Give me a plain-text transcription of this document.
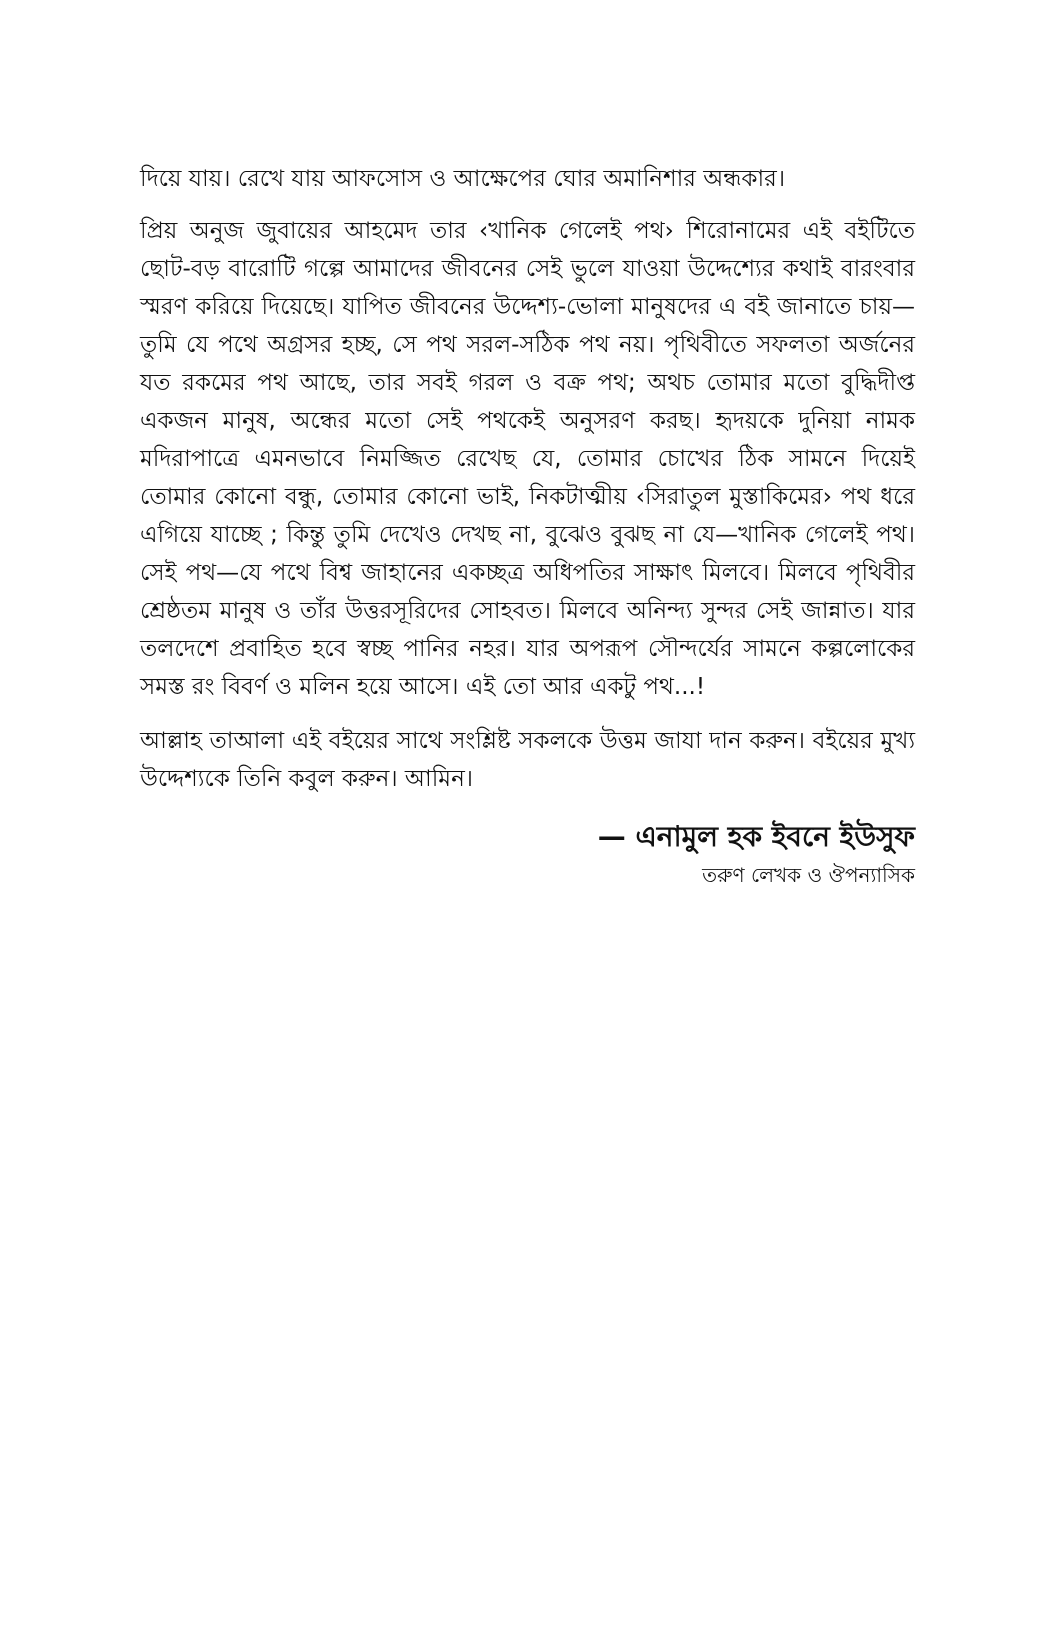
দিয়ে যায়। রেখে যায় আফসোস ও আক্ষেপের ঘোর অমানিশার অন্ধকার।

প্রিয় অনুজ জুবায়ের আহমেদ তার ‹খানিক গেলেই পথ› শিরোনামের এই বইটিতে ছোট-বড় বারোটি গল্পে আমাদের জীবনের সেই ভুলে যাওয়া উদ্দেশ্যের কথাই বারংবার স্মরণ করিয়ে দিয়েছে। যাপিত জীবনের উদ্দেশ্য-ভোলা মানুষদের এ বই জানাতে চায়—তুমি যে পথে অগ্রসর হচ্ছ, সে পথ সরল-সঠিক পথ নয়। পৃথিবীতে সফলতা অর্জনের যত রকমের পথ আছে, তার সবই গরল ও বক্র পথ; অথচ তোমার মতো বুদ্ধিদীপ্ত একজন মানুষ, অন্ধের মতো সেই পথকেই অনুসরণ করছ। হৃদয়কে দুনিয়া নামক মদিরাপাত্রে এমনভাবে নিমজ্জিত রেখেছ যে, তোমার চোখের ঠিক সামনে দিয়েই তোমার কোনো বন্ধু, তোমার কোনো ভাই, নিকটাত্মীয় ‹সিরাতুল মুস্তাকিমের› পথ ধরে এগিয়ে যাচ্ছে ; কিন্তু তুমি দেখেও দেখছ না, বুঝেও বুঝছ না যে—খানিক গেলেই পথ। সেই পথ—যে পথে বিশ্ব জাহানের একচ্ছত্র অধিপতির সাক্ষাৎ মিলবে। মিলবে পৃথিবীর শ্রেষ্ঠতম মানুষ ও তাঁর উত্তরসূরিদের সোহবত। মিলবে অনিন্দ্য সুন্দর সেই জান্নাত। যার তলদেশে প্রবাহিত হবে স্বচ্ছ পানির নহর। যার অপরূপ সৌন্দর্যের সামনে কল্পলোকের সমস্ত রং বিবর্ণ ও মলিন হয়ে আসে। এই তো আর একটু পথ...!

আল্লাহ তাআলা এই বইয়ের সাথে সংশ্লিষ্ট সকলকে উত্তম জাযা দান করুন। বইয়ের মুখ্য উদ্দেশ্যকে তিনি কবুল করুন। আমিন।

— এনামুল হক ইবনে ইউসুফ
তরুণ লেখক ও ঔপন্যাসিক
